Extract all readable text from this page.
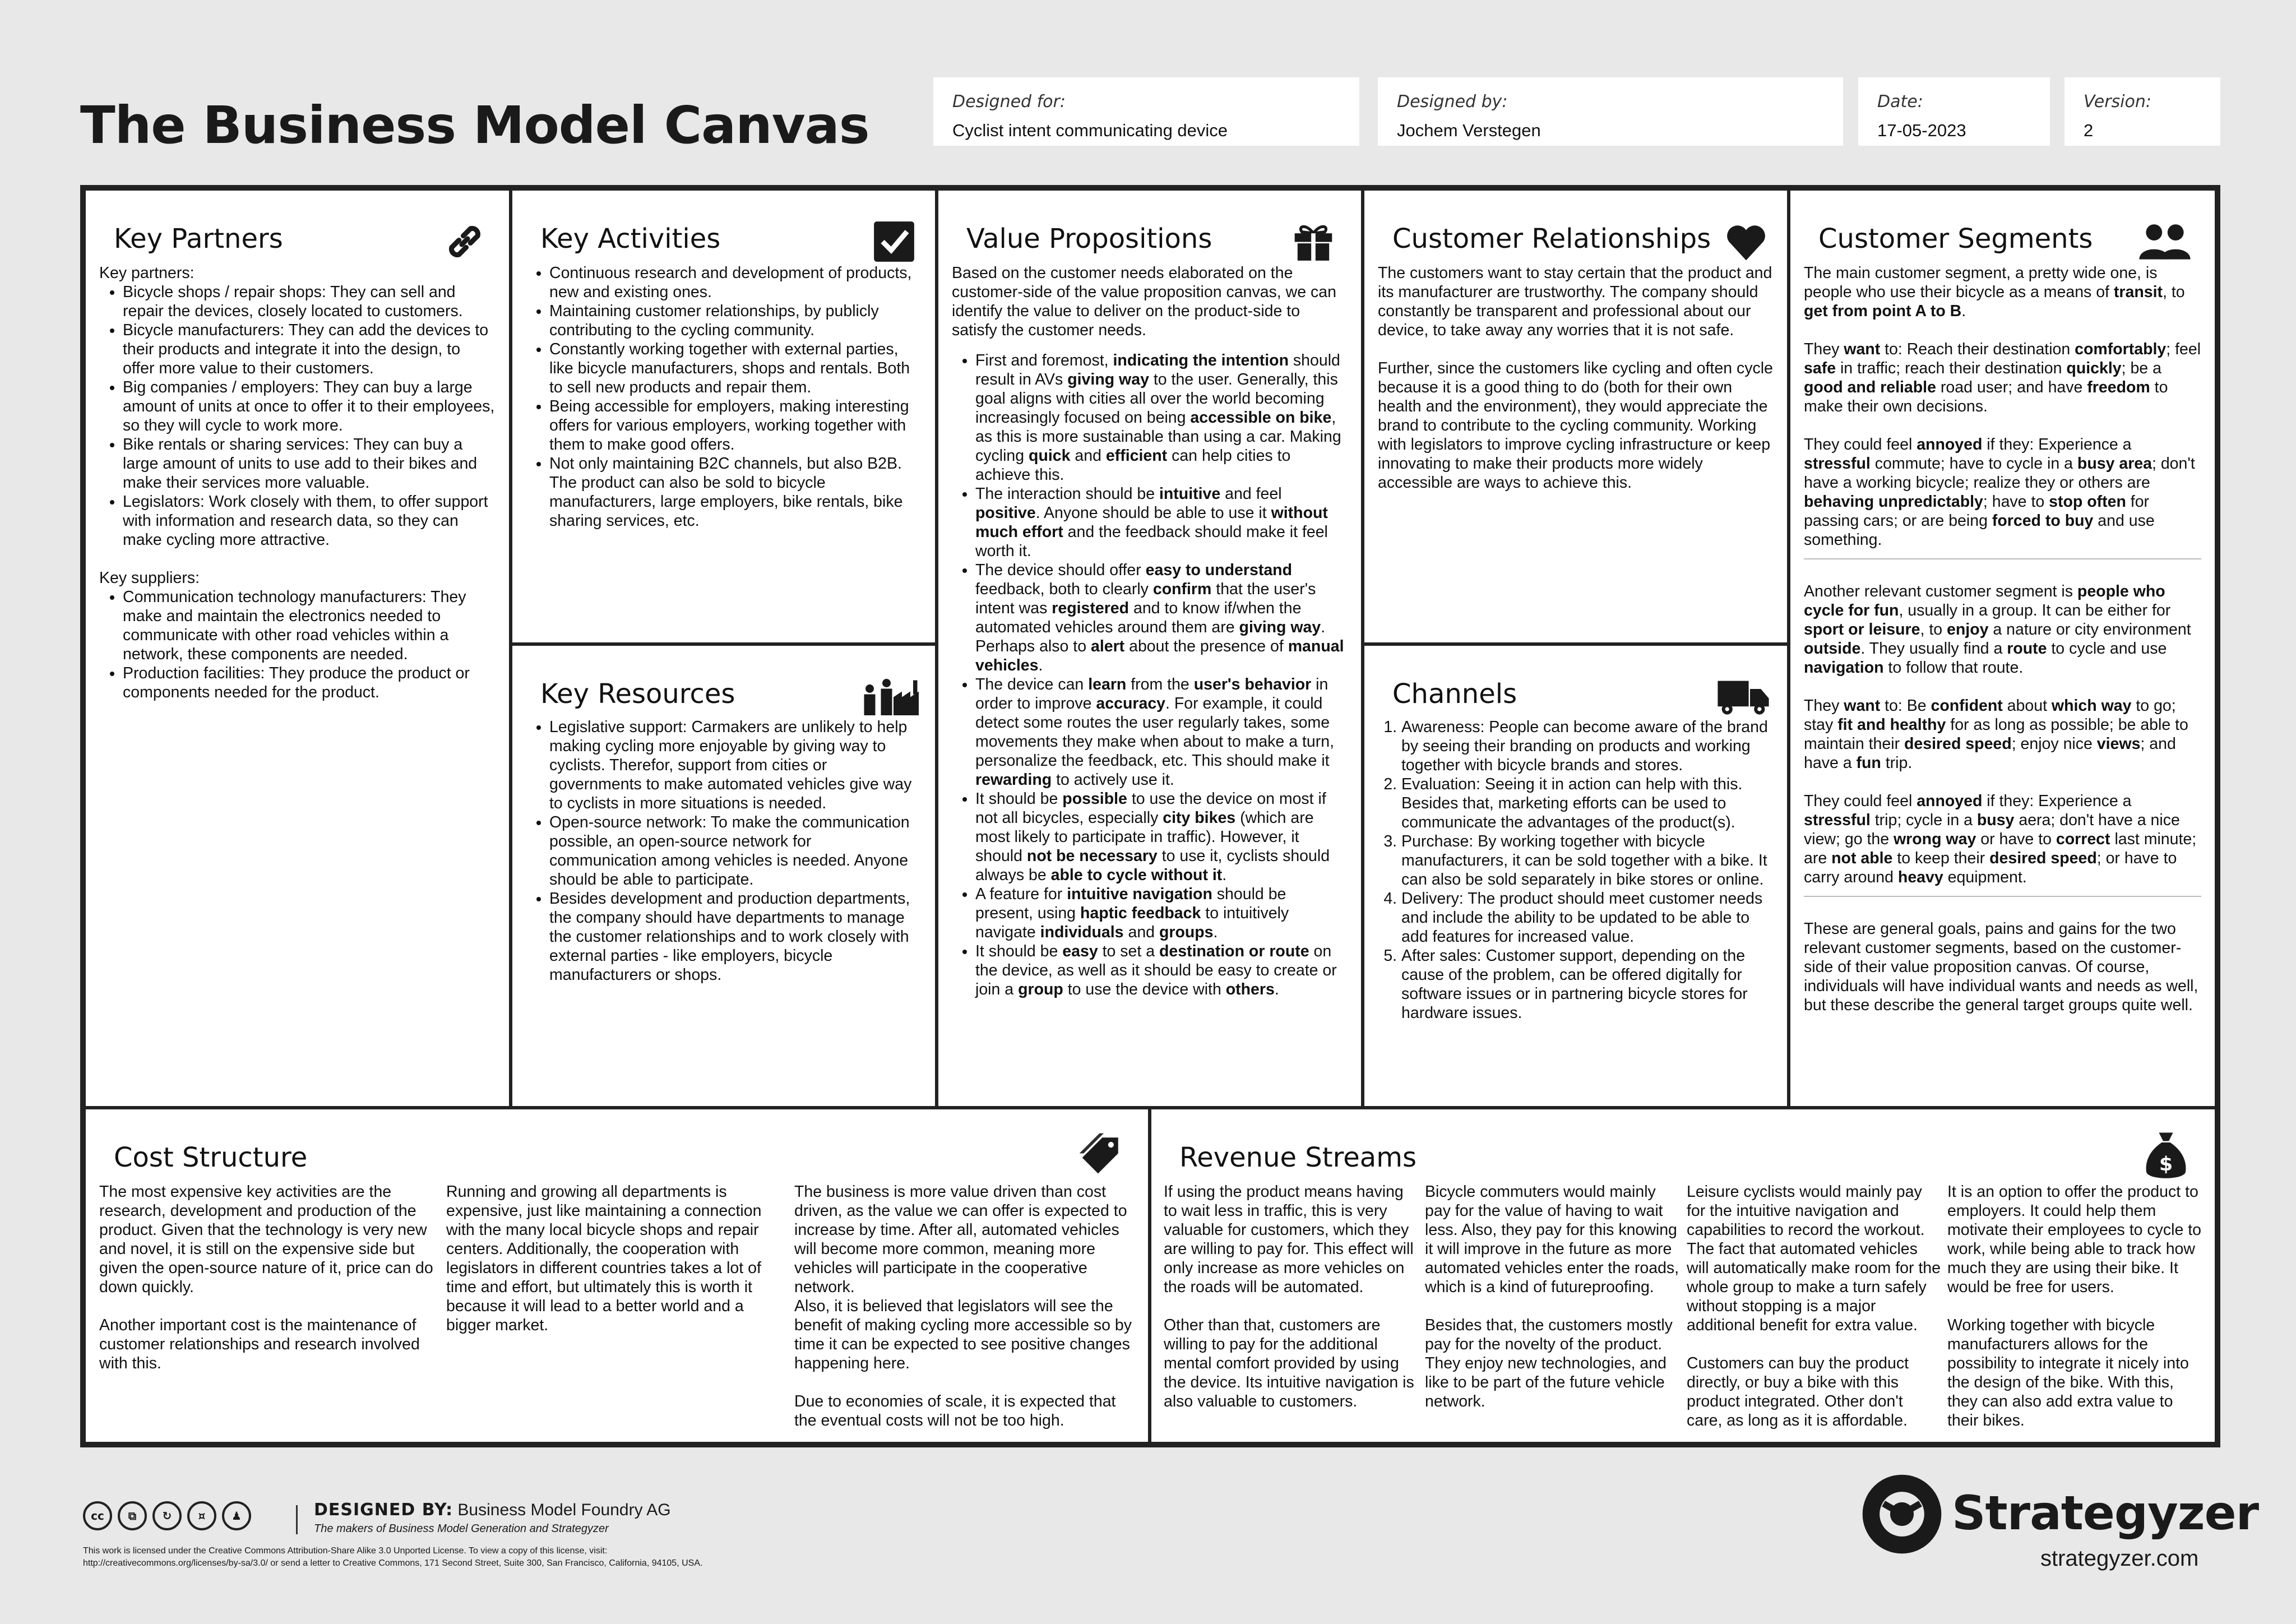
The Business Model Canvas	Designed for:
Cyclist intent communicating device
Designed by:
Jochem Verstegen
Date:
17-05-2023
Version:
2
Key Partners

Key partners:

• Bicycle shops / repair shops: They can sell and repair the devices, closely located to customers.
• Bicycle manufacturers: They can add the devices to their products and integrate it into the design, to offer more value to their customers.
• Big companies / employers: They can buy a large amount of units at once to offer it to their employees, so they will cycle to work more.
• Bike rentals or sharing services: They can buy a large amount of units to use add to their bikes and make their services more valuable.
• Legislators: Work closely with them, to offer support with information and research data, so they can make cycling more attractive.

Key suppliers:

• Communication technology manufacturers: They make and maintain the electronics needed to communicate with other road vehicles within a network, these components are needed.
• Production facilities: They produce the product or components needed for the product.
Key Activities
• Continuous research and development of products, new and existing ones.
• Maintaining customer relationships, by publicly contributing to the cycling community.
• Constantly working together with external parties, like bicycle manufacturers, shops and rentals. Both to sell new products and repair them.
• Being accessible for employers, making interesting offers for various employers, working together with them to make good offers.
• Not only maintaining B2C channels, but also B2B. The product can also be sold to bicycle manufacturers, large employers, bike rentals, bike sharing services, etc.
Key Resources
• Legislative support: Carmakers are unlikely to help making cycling more enjoyable by giving way to cyclists. Therefor, support from cities or governments to make automated vehicles give way to cyclists in more situations is needed.
• Open-source network: To make the communication possible, an open-source network for communication among vehicles is needed. Anyone should be able to participate.
• Besides development and production departments, the company should have departments to manage the customer relationships and to work closely with external parties - like employers, bicycle manufacturers or shops.
Value Propositions

Based on the customer needs elaborated on the customer-side of the value proposition canvas, we can identify the value to deliver on the product-side to satisfy the customer needs.

• First and foremost, indicating the intention should result in AVs giving way to the user. Generally, this goal aligns with cities all over the world becoming increasingly focused on being accessible on bike, as this is more sustainable than using a car. Making cycling quick and efficient can help cities to achieve this.
• The interaction should be intuitive and feel positive. Anyone should be able to use it without much effort and the feedback should make it feel worth it.
• The device should offer easy to understand feedback, both to clearly confirm that the user's intent was registered and to know if/when the automated vehicles around them are giving way. Perhaps also to alert about the presence of manual vehicles.
• The device can learn from the user's behavior in order to improve accuracy. For example, it could detect some routes the user regularly takes, some movements they make when about to make a turn, personalize the feedback, etc. This should make it rewarding to actively use it.
• It should be possible to use the device on most if not all bicycles, especially city bikes (which are most likely to participate in traffic). However, it should not be necessary to use it, cyclists should always be able to cycle without it.
• A feature for intuitive navigation should be present, using haptic feedback to intuitively navigate individuals and groups.
• It should be easy to set a destination or route on the device, as well as it should be easy to create or join a group to use the device with others.
Customer Relationships

The customers want to stay certain that the product and its manufacturer are trustworthy. The company should constantly be transparent and professional about our device, to take away any worries that it is not safe.

Further, since the customers like cycling and often cycle because it is a good thing to do (both for their own health and the environment), they would appreciate the brand to contribute to the cycling community. Working with legislators to improve cycling infrastructure or keep innovating to make their products more widely accessible are ways to achieve this.

Channels
1. Awareness: People can become aware of the brand by seeing their branding on products and working together with bicycle brands and stores.
2. Evaluation: Seeing it in action can help with this. Besides that, marketing efforts can be used to communicate the advantages of the product(s).
3. Purchase: By working together with bicycle manufacturers, it can be sold together with a bike. It can also be sold separately in bike stores or online.
4. Delivery: The product should meet customer needs and include the ability to be updated to be able to add features for increased value.
5. After sales: Customer support, depending on the cause of the problem, can be offered digitally for software issues or in partnering bicycle stores for hardware issues.
Customer Segments

The main customer segment, a pretty wide one, is people who use their bicycle as a means of transit, to get from point A to B.

They want to: Reach their destination comfortably; feel safe in traffic; reach their destination quickly; be a good and reliable road user; and have freedom to make their own decisions.

They could feel annoyed if they: Experience a stressful commute; have to cycle in a busy area; don't have a working bicycle; realize they or others are behaving unpredictably; have to stop often for passing cars; or are being forced to buy and use something.

Another relevant customer segment is people who cycle for fun, usually in a group. It can be either for sport or leisure, to enjoy a nature or city environment outside. They usually find a route to cycle and use navigation to follow that route.

They want to: Be confident about which way to go; stay fit and healthy for as long as possible; be able to maintain their desired speed; enjoy nice views; and have a fun trip.

They could feel annoyed if they: Experience a stressful trip; cycle in a busy aera; don't have a nice view; go the wrong way or have to correct last minute; are not able to keep their desired speed; or have to carry around heavy equipment.

These are general goals, pains and gains for the two relevant customer segments, based on the customer-side of their value proposition canvas. Of course, individuals will have individual wants and needs as well, but these describe the general target groups quite well.

Cost Structure

The most expensive key activities are the research, development and production of the product. Given that the technology is very new and novel, it is still on the expensive side but given the open-source nature of it, price can do down quickly.

Another important cost is the maintenance of customer relationships and research involved with this.

Running and growing all departments is expensive, just like maintaining a connection with the many local bicycle shops and repair centers. Additionally, the cooperation with legislators in different countries takes a lot of time and effort, but ultimately this is worth it because it will lead to a better world and a bigger market.

The business is more value driven than cost driven, as the value we can offer is expected to increase by time. After all, automated vehicles will become more common, meaning more vehicles will participate in the cooperative network.

Also, it is believed that legislators will see the benefit of making cycling more accessible so by time it can be expected to see positive changes happening here.

Due to economies of scale, it is expected that the eventual costs will not be too high.

Revenue Streams	$

If using the product means having to wait less in traffic, this is very valuable for customers, which they are willing to pay for. This effect will only increase as more vehicles on the roads will be automated.

Other than that, customers are willing to pay for the additional mental comfort provided by using the device. Its intuitive navigation is also valuable to customers.

Bicycle commuters would mainly pay for the value of having to wait less. Also, they pay for this knowing it will improve in the future as more automated vehicles enter the roads, which is a kind of futureproofing.

Besides that, the customers mostly pay for the novelty of the product. They enjoy new technologies, and like to be part of the future vehicle network.

Leisure cyclists would mainly pay for the intuitive navigation and capabilities to record the workout. The fact that automated vehicles will automatically make room for the whole group to make a turn safely without stopping is a major additional benefit for extra value.

Customers can buy the product directly, or buy a bike with this product integrated. Other don't care, as long as it is affordable.

It is an option to offer the product to employers. It could help them motivate their employees to cycle to work, while being able to track how much they are using their bike. It would be free for users.

Working together with bicycle manufacturers allows for the possibility to integrate it nicely into the design of the bike. With this, they can also add extra value to their bikes.

cc	⧉	↻	¤	♟	DESIGNED BY: Business Model Foundry AG
The makers of Business Model Generation and Strategyzer
This work is licensed under the Creative Commons Attribution-Share Alike 3.0 Unported License. To view a copy of this license, visit:
http://creativecommons.org/licenses/by-sa/3.0/ or send a letter to Creative Commons, 171 Second Street, Suite 300, San Francisco, California, 94105, USA.
Strategyzer
strategyzer.com
